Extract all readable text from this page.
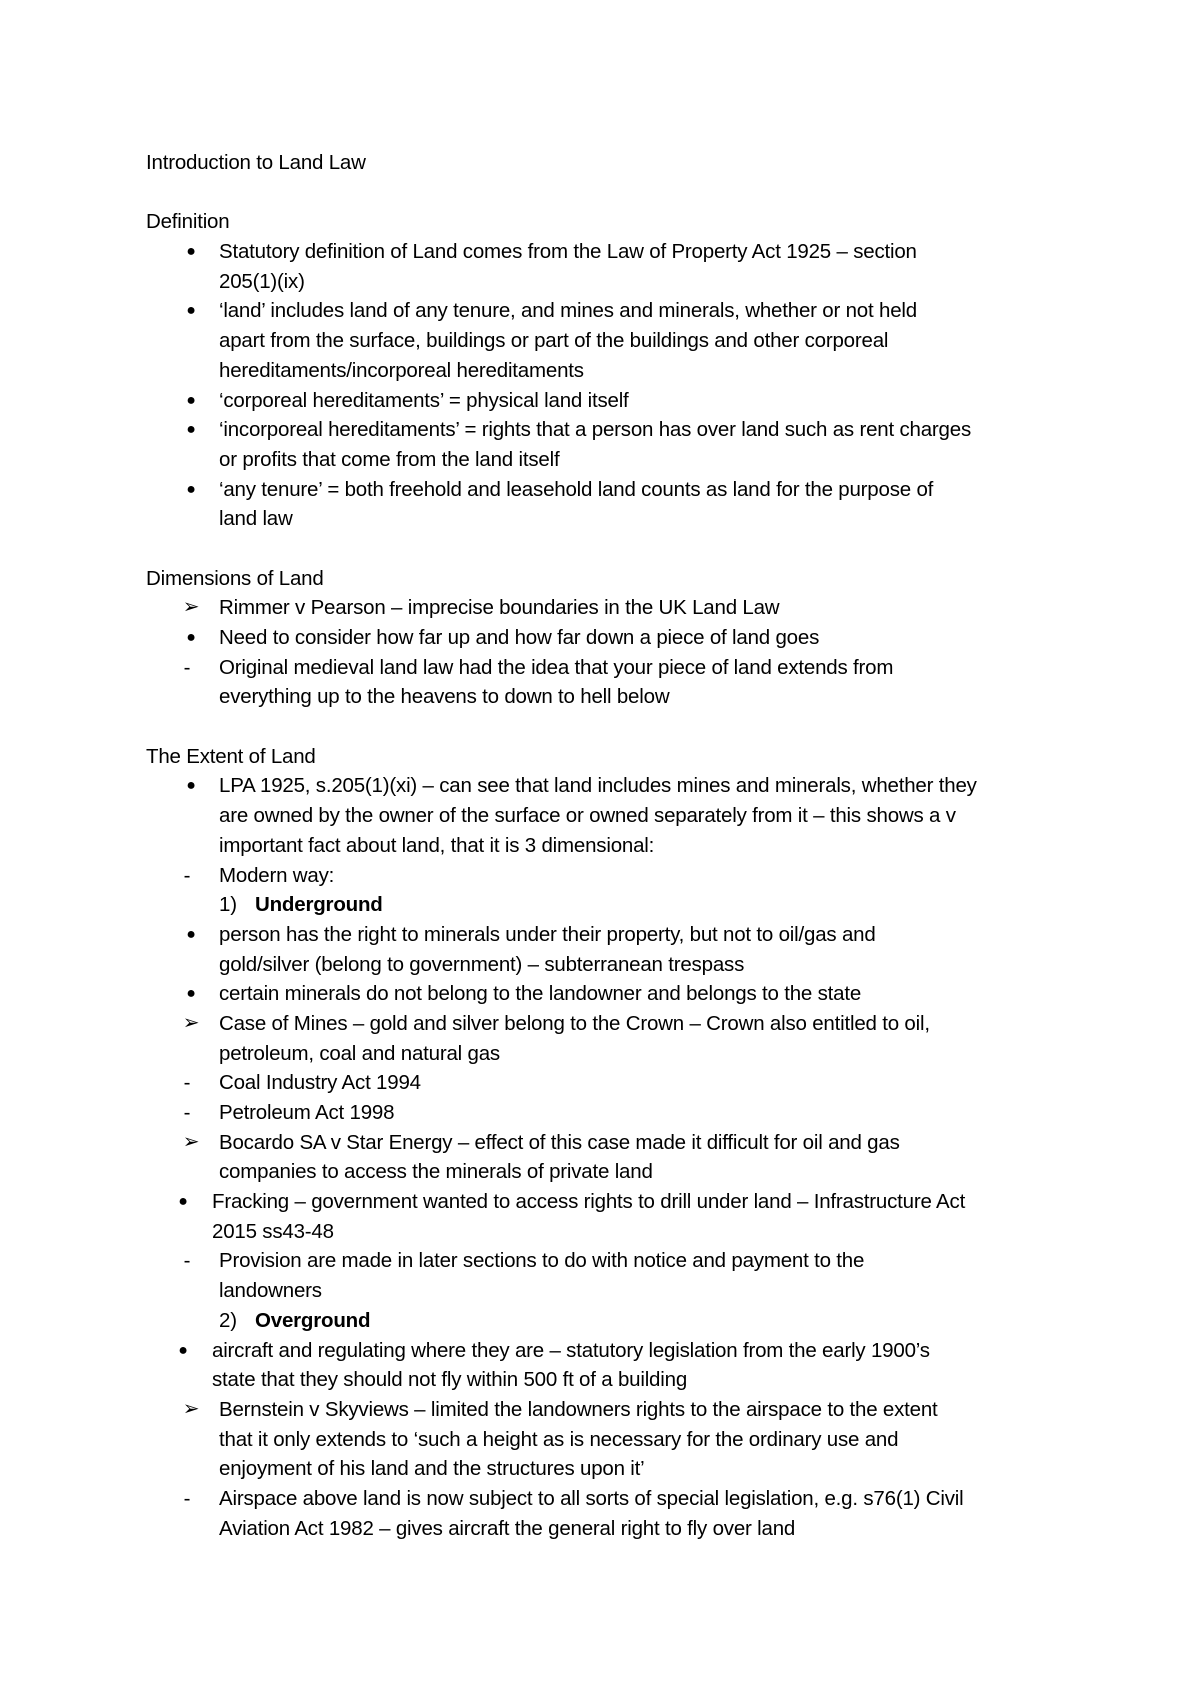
Introduction to Land Law
Definition
●	Statutory definition of Land comes from the Law of Property Act 1925 – section
205(1)(ix)
●	‘land’ includes land of any tenure, and mines and minerals, whether or not held
apart from the surface, buildings or part of the buildings and other corporeal
hereditaments/incorporeal hereditaments
●	‘corporeal hereditaments’ = physical land itself
●	‘incorporeal hereditaments’ = rights that a person has over land such as rent charges
or profits that come from the land itself
●	‘any tenure’ = both freehold and leasehold land counts as land for the purpose of
land law
Dimensions of Land
➢ Rimmer v Pearson – imprecise boundaries in the UK Land Law
●	Need to consider how far up and how far down a piece of land goes
- Original medieval land law had the idea that your piece of land extends from
everything up to the heavens to down to hell below
The Extent of Land
●	LPA 1925, s.205(1)(xi) – can see that land includes mines and minerals, whether they
are owned by the owner of the surface or owned separately from it – this shows a v
important fact about land, that it is 3 dimensional:
- Modern way:
1) Underground
●	person has the right to minerals under their property, but not to oil/gas and
gold/silver (belong to government) – subterranean trespass
●	certain minerals do not belong to the landowner and belongs to the state
➢ Case of Mines – gold and silver belong to the Crown – Crown also entitled to oil,
petroleum, coal and natural gas
- Coal Industry Act 1994
- Petroleum Act 1998
➢ Bocardo SA v Star Energy – effect of this case made it difficult for oil and gas
companies to access the minerals of private land
●	Fracking – government wanted to access rights to drill under land – Infrastructure Act
2015 ss43-48
- Provision are made in later sections to do with notice and payment to the
landowners
2) Overground
●	aircraft and regulating where they are – statutory legislation from the early 1900’s
state that they should not fly within 500 ft of a building
➢ Bernstein v Skyviews – limited the landowners rights to the airspace to the extent
that it only extends to ‘such a height as is necessary for the ordinary use and
enjoyment of his land and the structures upon it’
- Airspace above land is now subject to all sorts of special legislation, e.g. s76(1) Civil
Aviation Act 1982 – gives aircraft the general right to fly over land
